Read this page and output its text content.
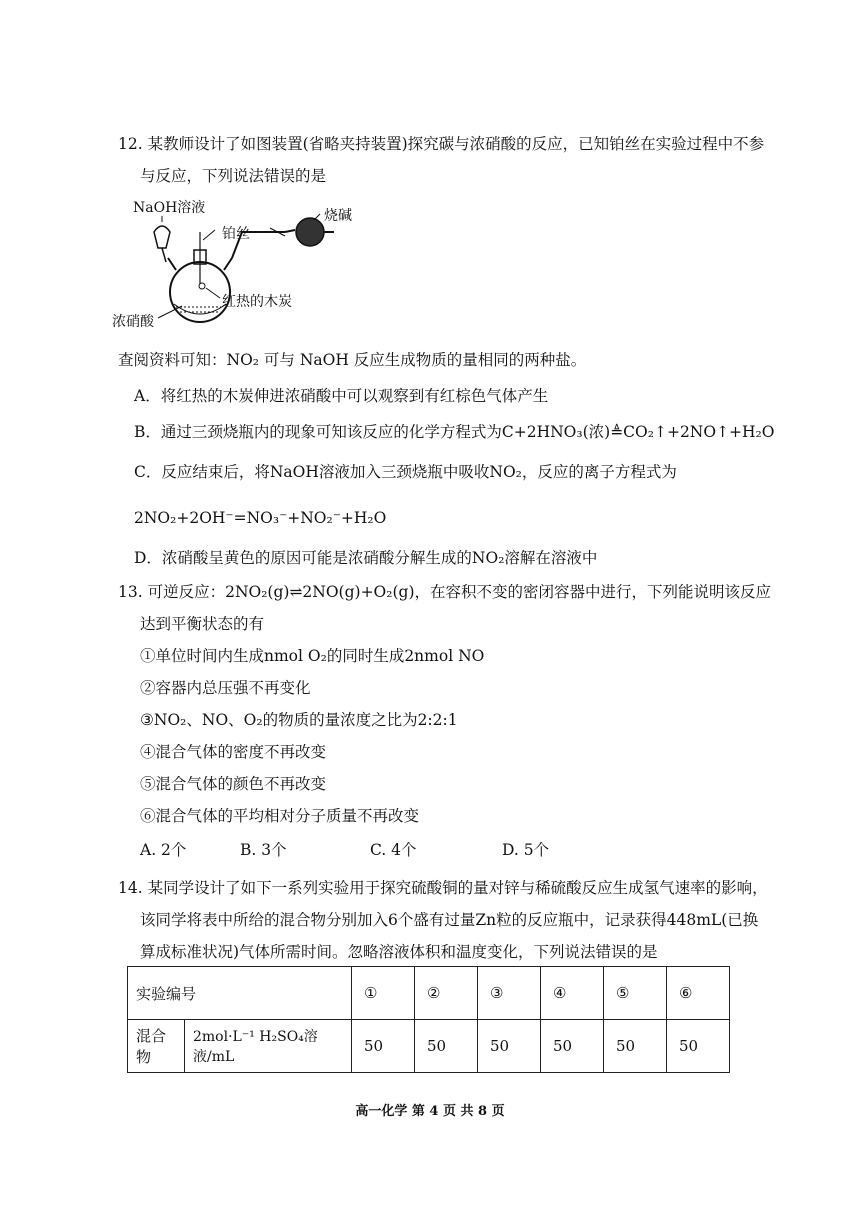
12. 某教师设计了如图装置(省略夹持装置)探究碳与浓硝酸的反应，已知铂丝在实验过程中不参
与反应，下列说法错误的是
NaOH溶液
铂丝
烧碱
红热的木炭
浓硝酸
查阅资料可知：NO₂ 可与 NaOH 反应生成物质的量相同的两种盐。
A．将红热的木炭伸进浓硝酸中可以观察到有红棕色气体产生
B．通过三颈烧瓶内的现象可知该反应的化学方程式为C+2HNO₃(浓)≜CO₂↑+2NO↑+H₂O
C．反应结束后，将NaOH溶液加入三颈烧瓶中吸收NO₂，反应的离子方程式为
2NO₂+2OH⁻=NO₃⁻+NO₂⁻+H₂O
D．浓硝酸呈黄色的原因可能是浓硝酸分解生成的NO₂溶解在溶液中
13. 可逆反应：2NO₂(g)⇌2NO(g)+O₂(g)，在容积不变的密闭容器中进行，下列能说明该反应
达到平衡状态的有
①单位时间内生成nmol O₂的同时生成2nmol NO
②容器内总压强不再变化
③NO₂、NO、O₂的物质的量浓度之比为2:2:1
④混合气体的密度不再改变
⑤混合气体的颜色不再改变
⑥混合气体的平均相对分子质量不再改变
A. 2个	B. 3个	C. 4个	D. 5个
14. 某同学设计了如下一系列实验用于探究硫酸铜的量对锌与稀硫酸反应生成氢气速率的影响，
该同学将表中所给的混合物分别加入6个盛有过量Zn粒的反应瓶中，记录获得448mL(已换
算成标准状况)气体所需时间。忽略溶液体积和温度变化，下列说法错误的是
实验编号		①	②	③	④	⑤	⑥
混合物	2mol·L⁻¹ H₂SO₄溶液/mL	50	50	50	50	50	50
高一化学 第 4 页 共 8 页
